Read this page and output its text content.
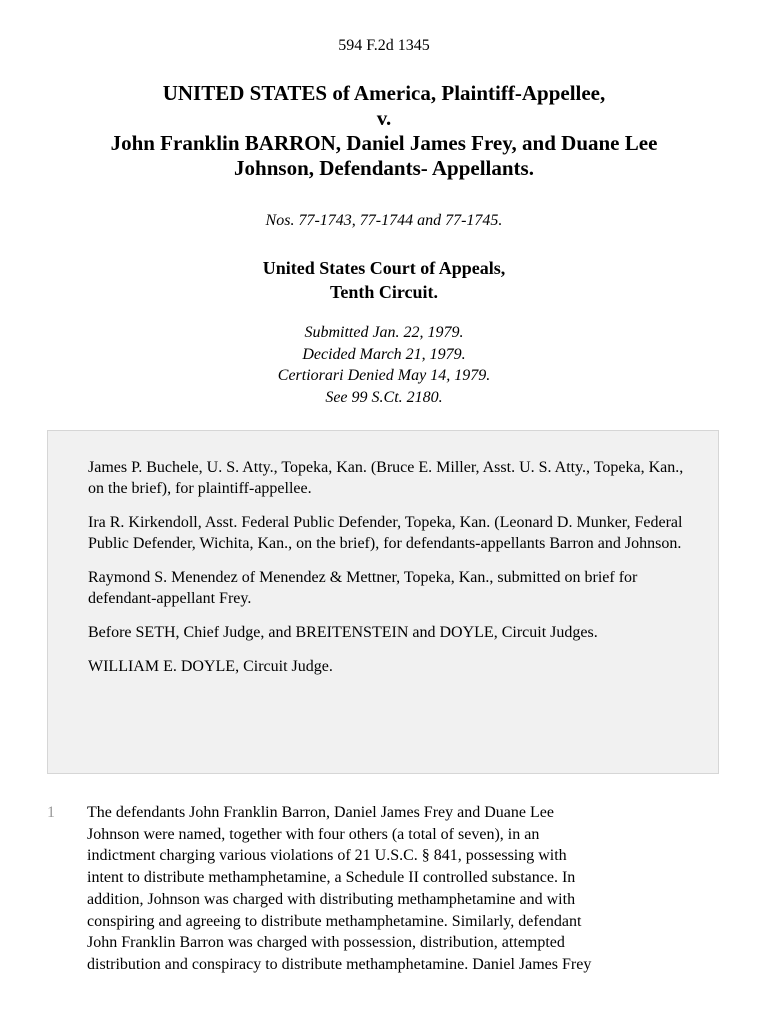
594 F.2d 1345
UNITED STATES of America, Plaintiff-Appellee,
v.
John Franklin BARRON, Daniel James Frey, and Duane Lee
Johnson, Defendants- Appellants.
Nos. 77-1743, 77-1744 and 77-1745.
United States Court of Appeals,
Tenth Circuit.
Submitted Jan. 22, 1979.
Decided March 21, 1979.
Certiorari Denied May 14, 1979.
See 99 S.Ct. 2180.

James P. Buchele, U. S. Atty., Topeka, Kan. (Bruce E. Miller, Asst. U. S. Atty., Topeka, Kan., on the brief), for plaintiff-appellee.

Ira R. Kirkendoll, Asst. Federal Public Defender, Topeka, Kan. (Leonard D. Munker, Federal Public Defender, Wichita, Kan., on the brief), for defendants-appellants Barron and Johnson.

Raymond S. Menendez of Menendez & Mettner, Topeka, Kan., submitted on brief for defendant-appellant Frey.

Before SETH, Chief Judge, and BREITENSTEIN and DOYLE, Circuit Judges.

WILLIAM E. DOYLE, Circuit Judge.

1 The defendants John Franklin Barron, Daniel James Frey and Duane Lee
Johnson were named, together with four others (a total of seven), in an
indictment charging various violations of 21 U.S.C. § 841, possessing with
intent to distribute methamphetamine, a Schedule II controlled substance. In
addition, Johnson was charged with distributing methamphetamine and with
conspiring and agreeing to distribute methamphetamine. Similarly, defendant
John Franklin Barron was charged with possession, distribution, attempted
distribution and conspiracy to distribute methamphetamine. Daniel James Frey
